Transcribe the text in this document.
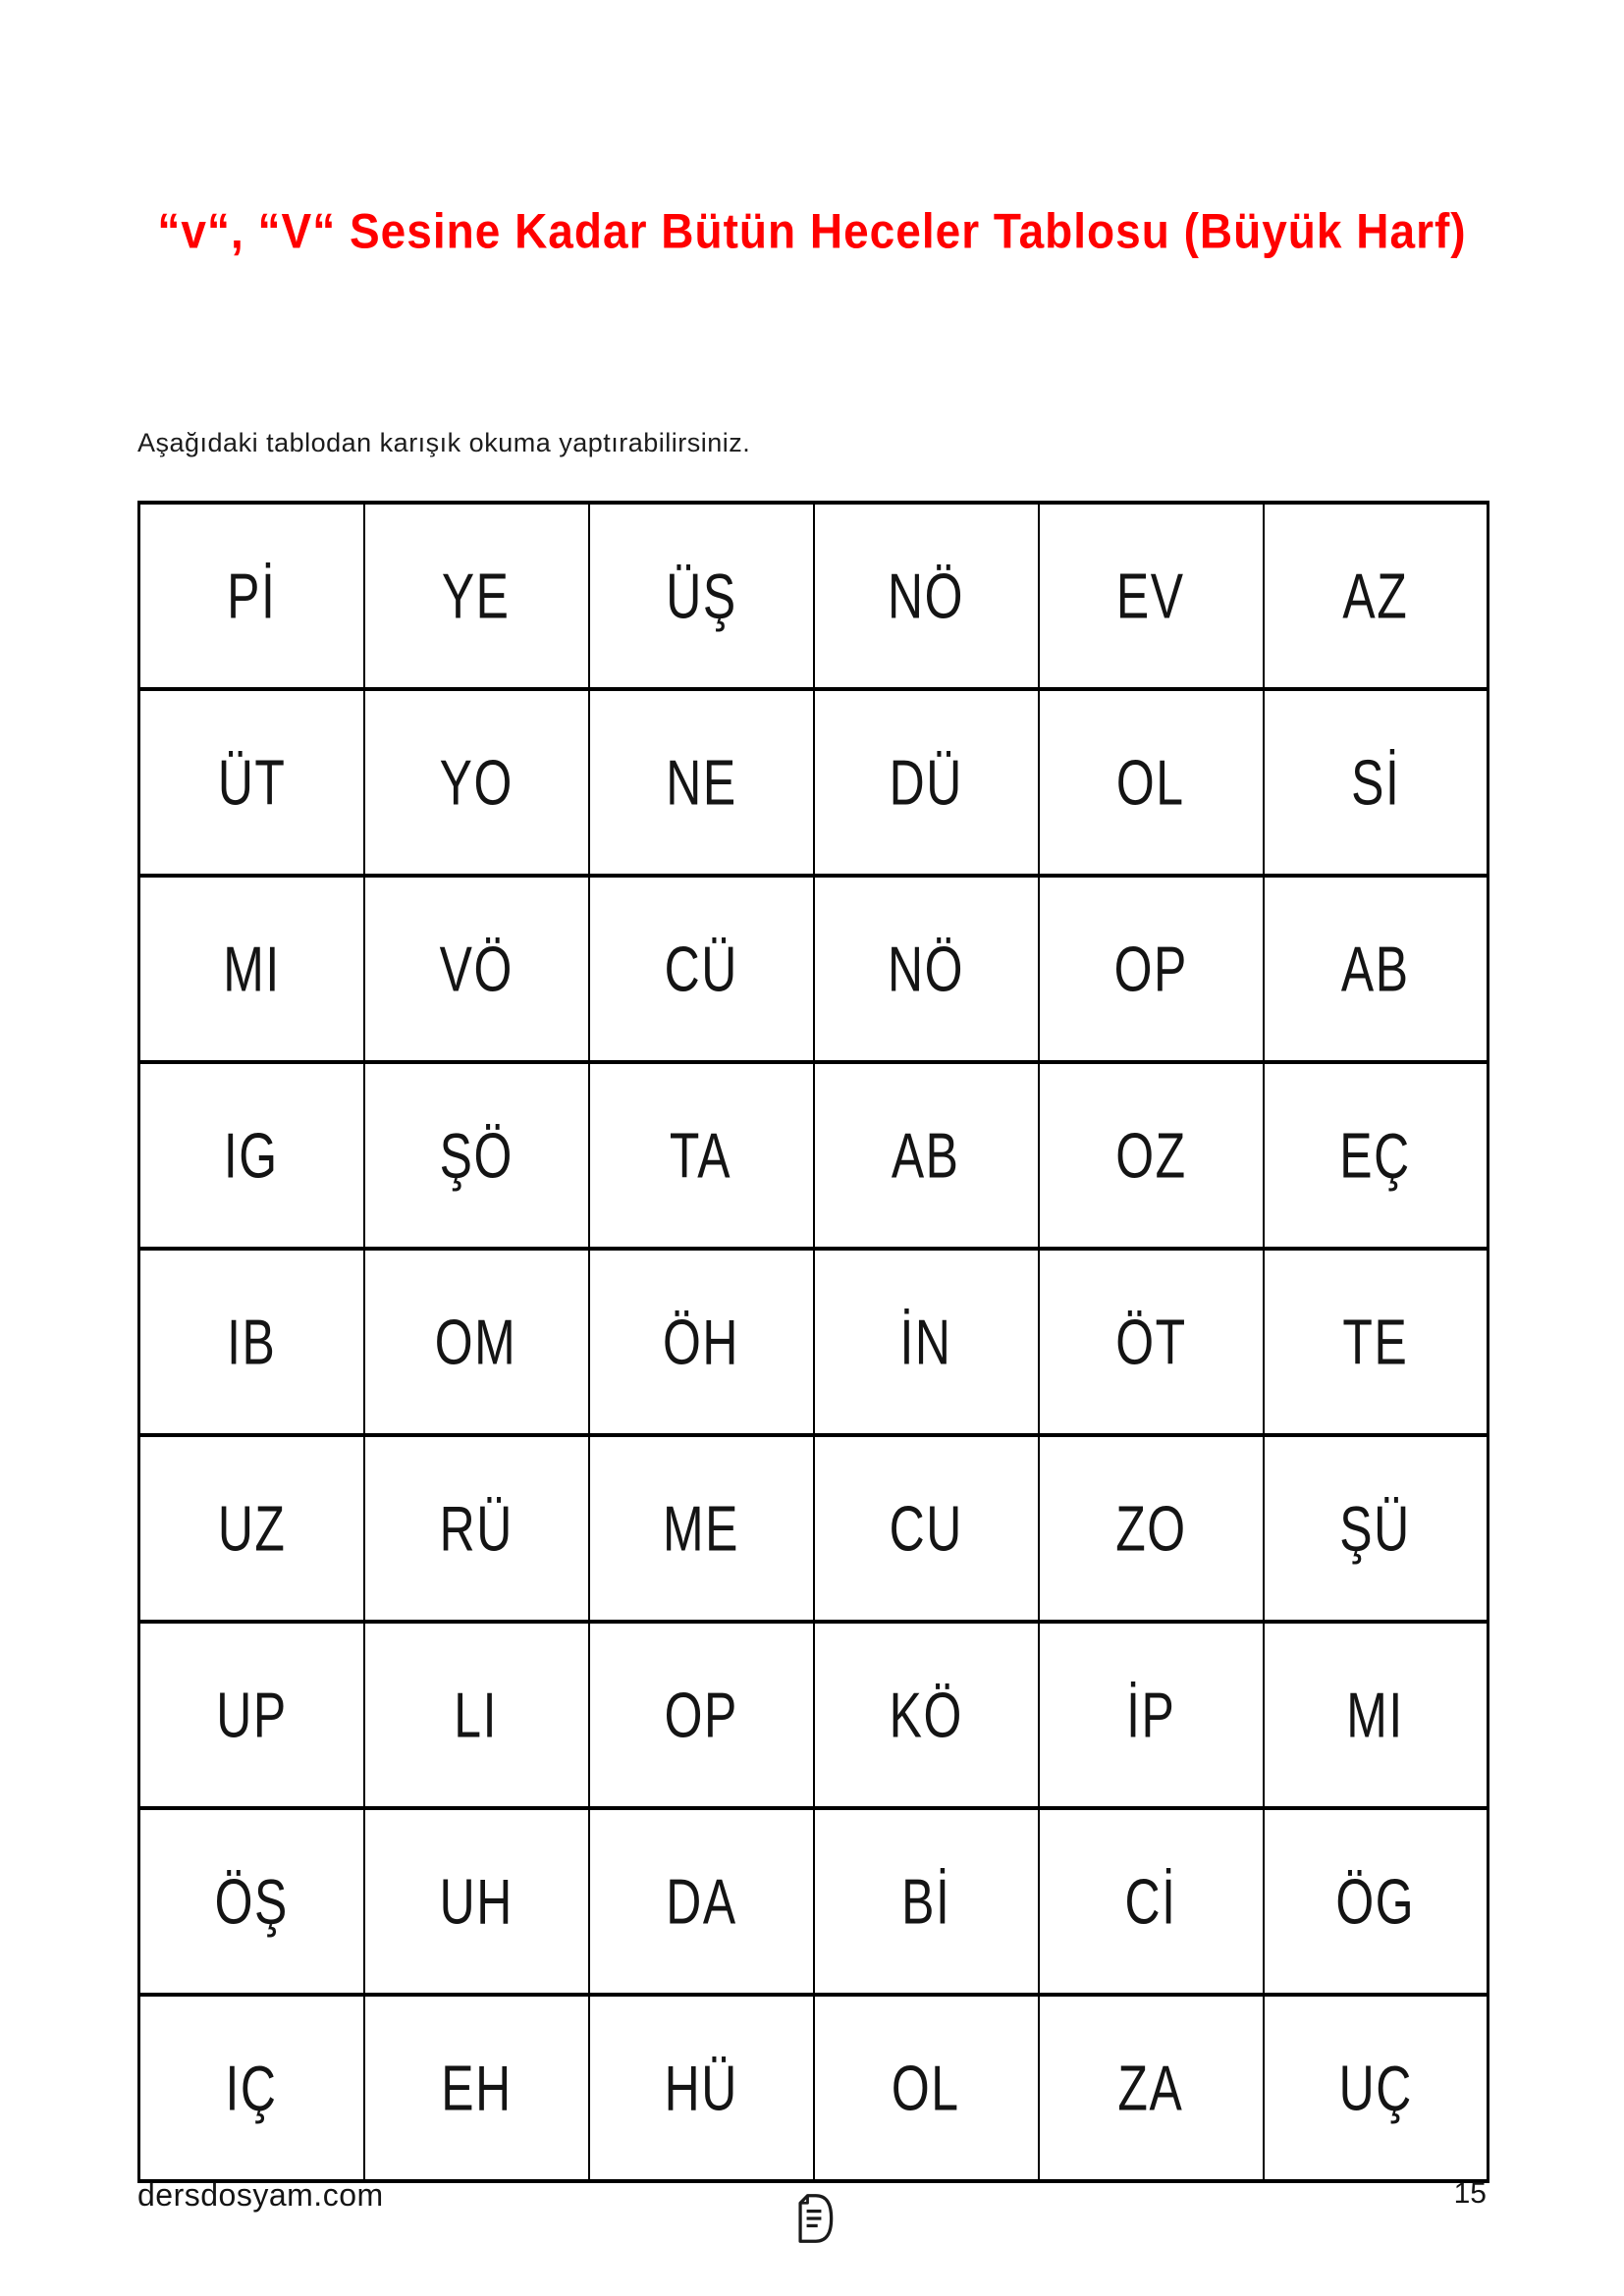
“v“, “V“ Sesine Kadar Bütün Heceler Tablosu (Büyük Harf)
Aşağıdaki tablodan karışık okuma yaptırabilirsiniz.
Pİ	YE	ÜŞ	NÖ	EV	AZ
ÜT	YO	NE	DÜ	OL	Sİ
MI	VÖ	CÜ	NÖ	OP	AB
IG	ŞÖ	TA	AB	OZ	EÇ
IB	OM	ÖH	İN	ÖT	TE
UZ	RÜ	ME	CU	ZO	ŞÜ
UP	LI	OP	KÖ	İP	MI
ÖŞ	UH	DA	Bİ	Cİ	ÖG
IÇ	EH	HÜ	OL	ZA	UÇ
dersdosyam.com	15
